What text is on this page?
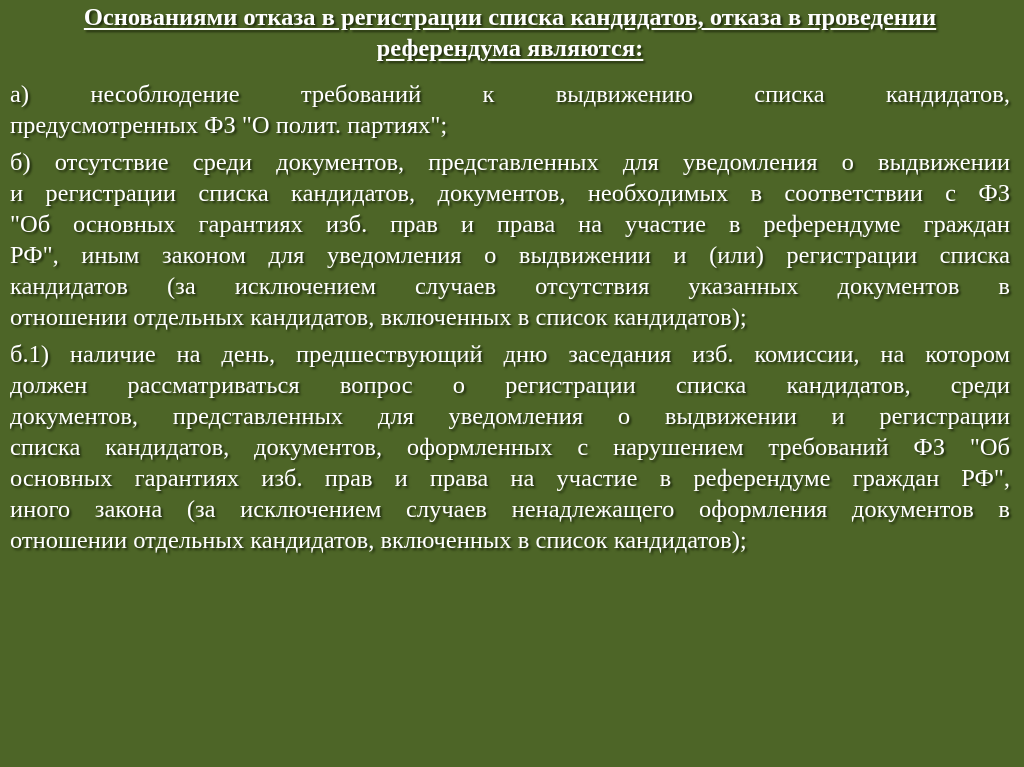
Основаниями отказа в регистрации списка кандидатов, отказа в проведении
референдума являются:

а) несоблюдение требований к выдвижению списка кандидатов,
предусмотренных ФЗ "О полит. партиях";

б) отсутствие среди документов, представленных для уведомления о выдвижении
и регистрации списка кандидатов, документов, необходимых в соответствии с ФЗ
"Об основных гарантиях изб. прав и права на участие в референдуме граждан
РФ", иным законом для уведомления о выдвижении и (или) регистрации списка
кандидатов (за исключением случаев отсутствия указанных документов в
отношении отдельных кандидатов, включенных в список кандидатов);

б.1) наличие на день, предшествующий дню заседания изб. комиссии, на котором
должен рассматриваться вопрос о регистрации списка кандидатов, среди
документов, представленных для уведомления о выдвижении и регистрации
списка кандидатов, документов, оформленных с нарушением требований ФЗ "Об
основных гарантиях изб. прав и права на участие в референдуме граждан РФ",
иного закона (за исключением случаев ненадлежащего оформления документов в
отношении отдельных кандидатов, включенных в список кандидатов);
